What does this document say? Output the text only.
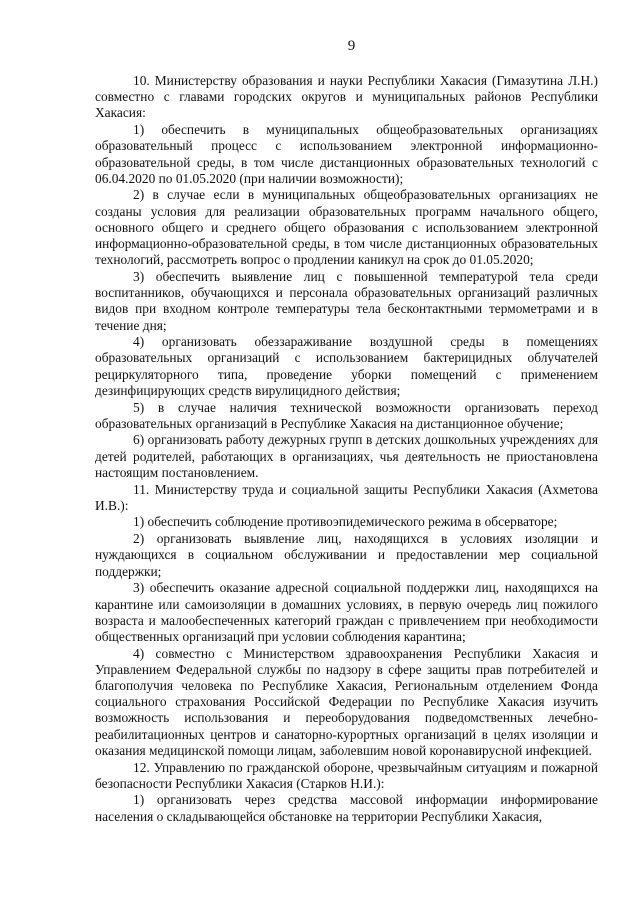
9

10. Министерству образования и науки Республики Хакасия (Гимазутина Л.Н.) совместно с главами городских округов и муниципальных районов Республики Хакасия:

1) обеспечить в муниципальных общеобразовательных организациях образовательный процесс с использованием электронной информационно-образовательной среды, в том числе дистанционных образовательных технологий с 06.04.2020 по 01.05.2020 (при наличии возможности);

2) в случае если в муниципальных общеобразовательных организациях не созданы условия для реализации образовательных программ начального общего, основного общего и среднего общего образования с использованием электронной информационно-образовательной среды, в том числе дистанционных образовательных технологий, рассмотреть вопрос о продлении каникул на срок до 01.05.2020;

3) обеспечить выявление лиц с повышенной температурой тела среди воспитанников, обучающихся и персонала образовательных организаций различных видов при входном контроле температуры тела бесконтактными термометрами и в течение дня;

4) организовать обеззараживание воздушной среды в помещениях образовательных организаций с использованием бактерицидных облучателей рециркуляторного типа, проведение уборки помещений с применением дезинфицирующих средств вирулицидного действия;

5) в случае наличия технической возможности организовать переход образовательных организаций в Республике Хакасия на дистанционное обучение;

6) организовать работу дежурных групп в детских дошкольных учреждениях для детей родителей, работающих в организациях, чья деятельность не приостановлена настоящим постановлением.

11. Министерству труда и социальной защиты Республики Хакасия (Ахметова И.В.):

1) обеспечить соблюдение противоэпидемического режима в обсерваторе;

2) организовать выявление лиц, находящихся в условиях изоляции и нуждающихся в социальном обслуживании и предоставлении мер социальной поддержки;

3) обеспечить оказание адресной социальной поддержки лиц, находящихся на карантине или самоизоляции в домашних условиях, в первую очередь лиц пожилого возраста и малообеспеченных категорий граждан с привлечением при необходимости общественных организаций при условии соблюдения карантина;

4) совместно с Министерством здравоохранения Республики Хакасия и Управлением Федеральной службы по надзору в сфере защиты прав потребителей и благополучия человека по Республике Хакасия, Региональным отделением Фонда социального страхования Российской Федерации по Республике Хакасия изучить возможность использования и переоборудования подведомственных лечебно-реабилитационных центров и санаторно-курортных организаций в целях изоляции и оказания медицинской помощи лицам, заболевшим новой коронавирусной инфекцией.

12. Управлению по гражданской обороне, чрезвычайным ситуациям и пожарной безопасности Республики Хакасия (Старков Н.И.):

1) организовать через средства массовой информации информирование населения о складывающейся обстановке на территории Республики Хакасия,
